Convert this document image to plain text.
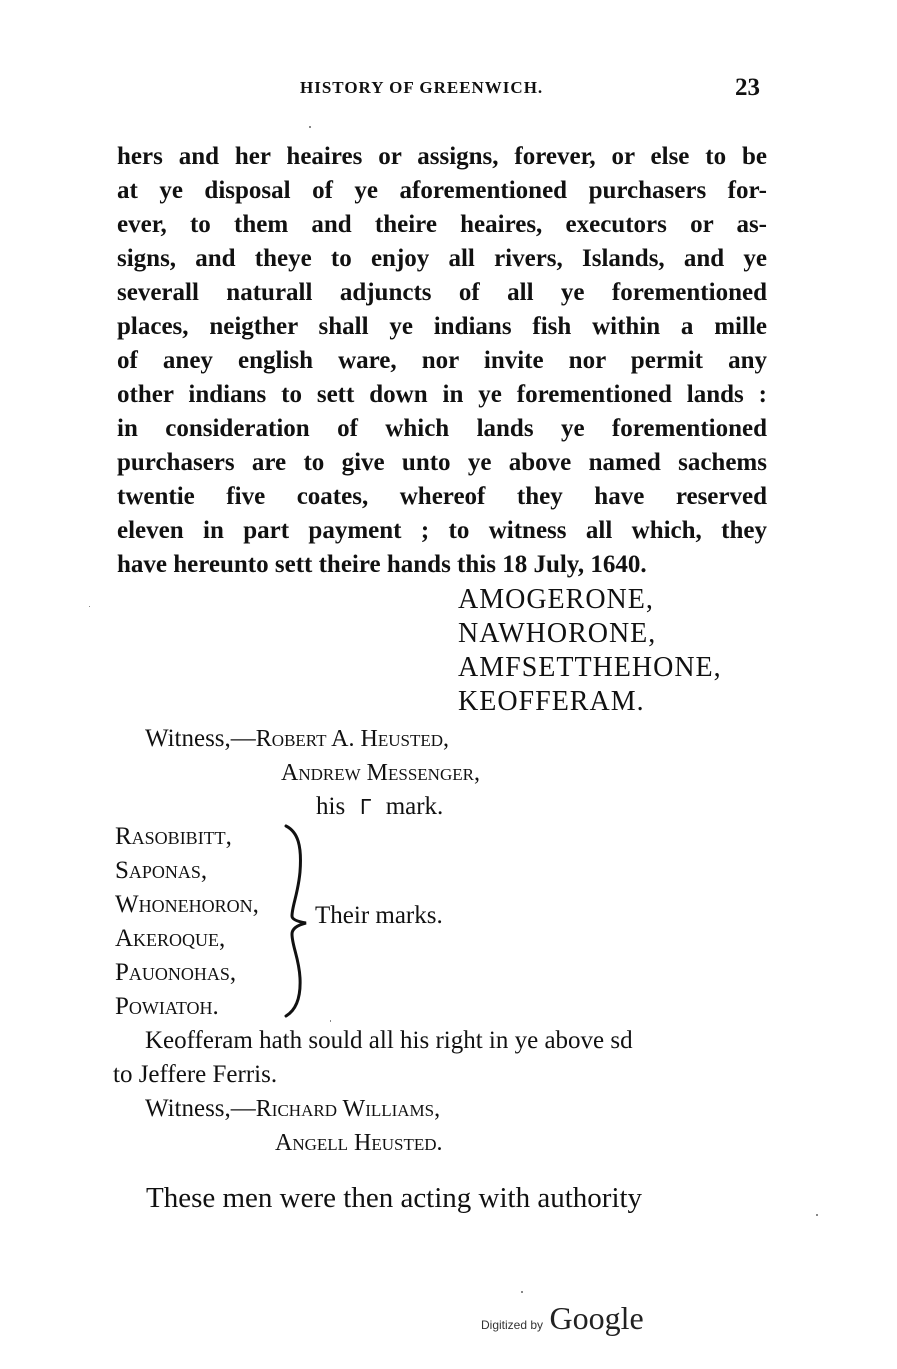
HISTORY OF GREENWICH.	23
hers and her heaires or assigns, forever, or else to be
at ye disposal of ye aforementioned purchasers for-
ever, to them and theire heaires, executors or as-
signs, and theye to enjoy all rivers, Islands, and ye
severall naturall adjuncts of all ye forementioned
places, neigther shall ye indians fish within a mille
of aney english ware, nor invite nor permit any
other indians to sett down in ye forementioned lands :
in consideration of which lands ye forementioned
purchasers are to give unto ye above named sachems
twentie five coates, whereof they have reserved
eleven in part payment ; to witness all which, they
have hereunto sett theire hands this 18 July, 1640.
AMOGERONE,
NAWHORONE,
AMFSETTHEHONE,
KEOFFERAM.
Witness,—Robert A. Heusted,
Andrew Messenger,
his Γ mark.
Rasobibitt,
Saponas,
Whonehoron,
Akeroque,
Pauonohas,
Powiatoh.
Their marks.
Keofferam hath sould all his right in ye above sd
to Jeffere Ferris.
Witness,—Richard Williams,
Angell Heusted.
These men were then acting with authority
Digitized by Google
